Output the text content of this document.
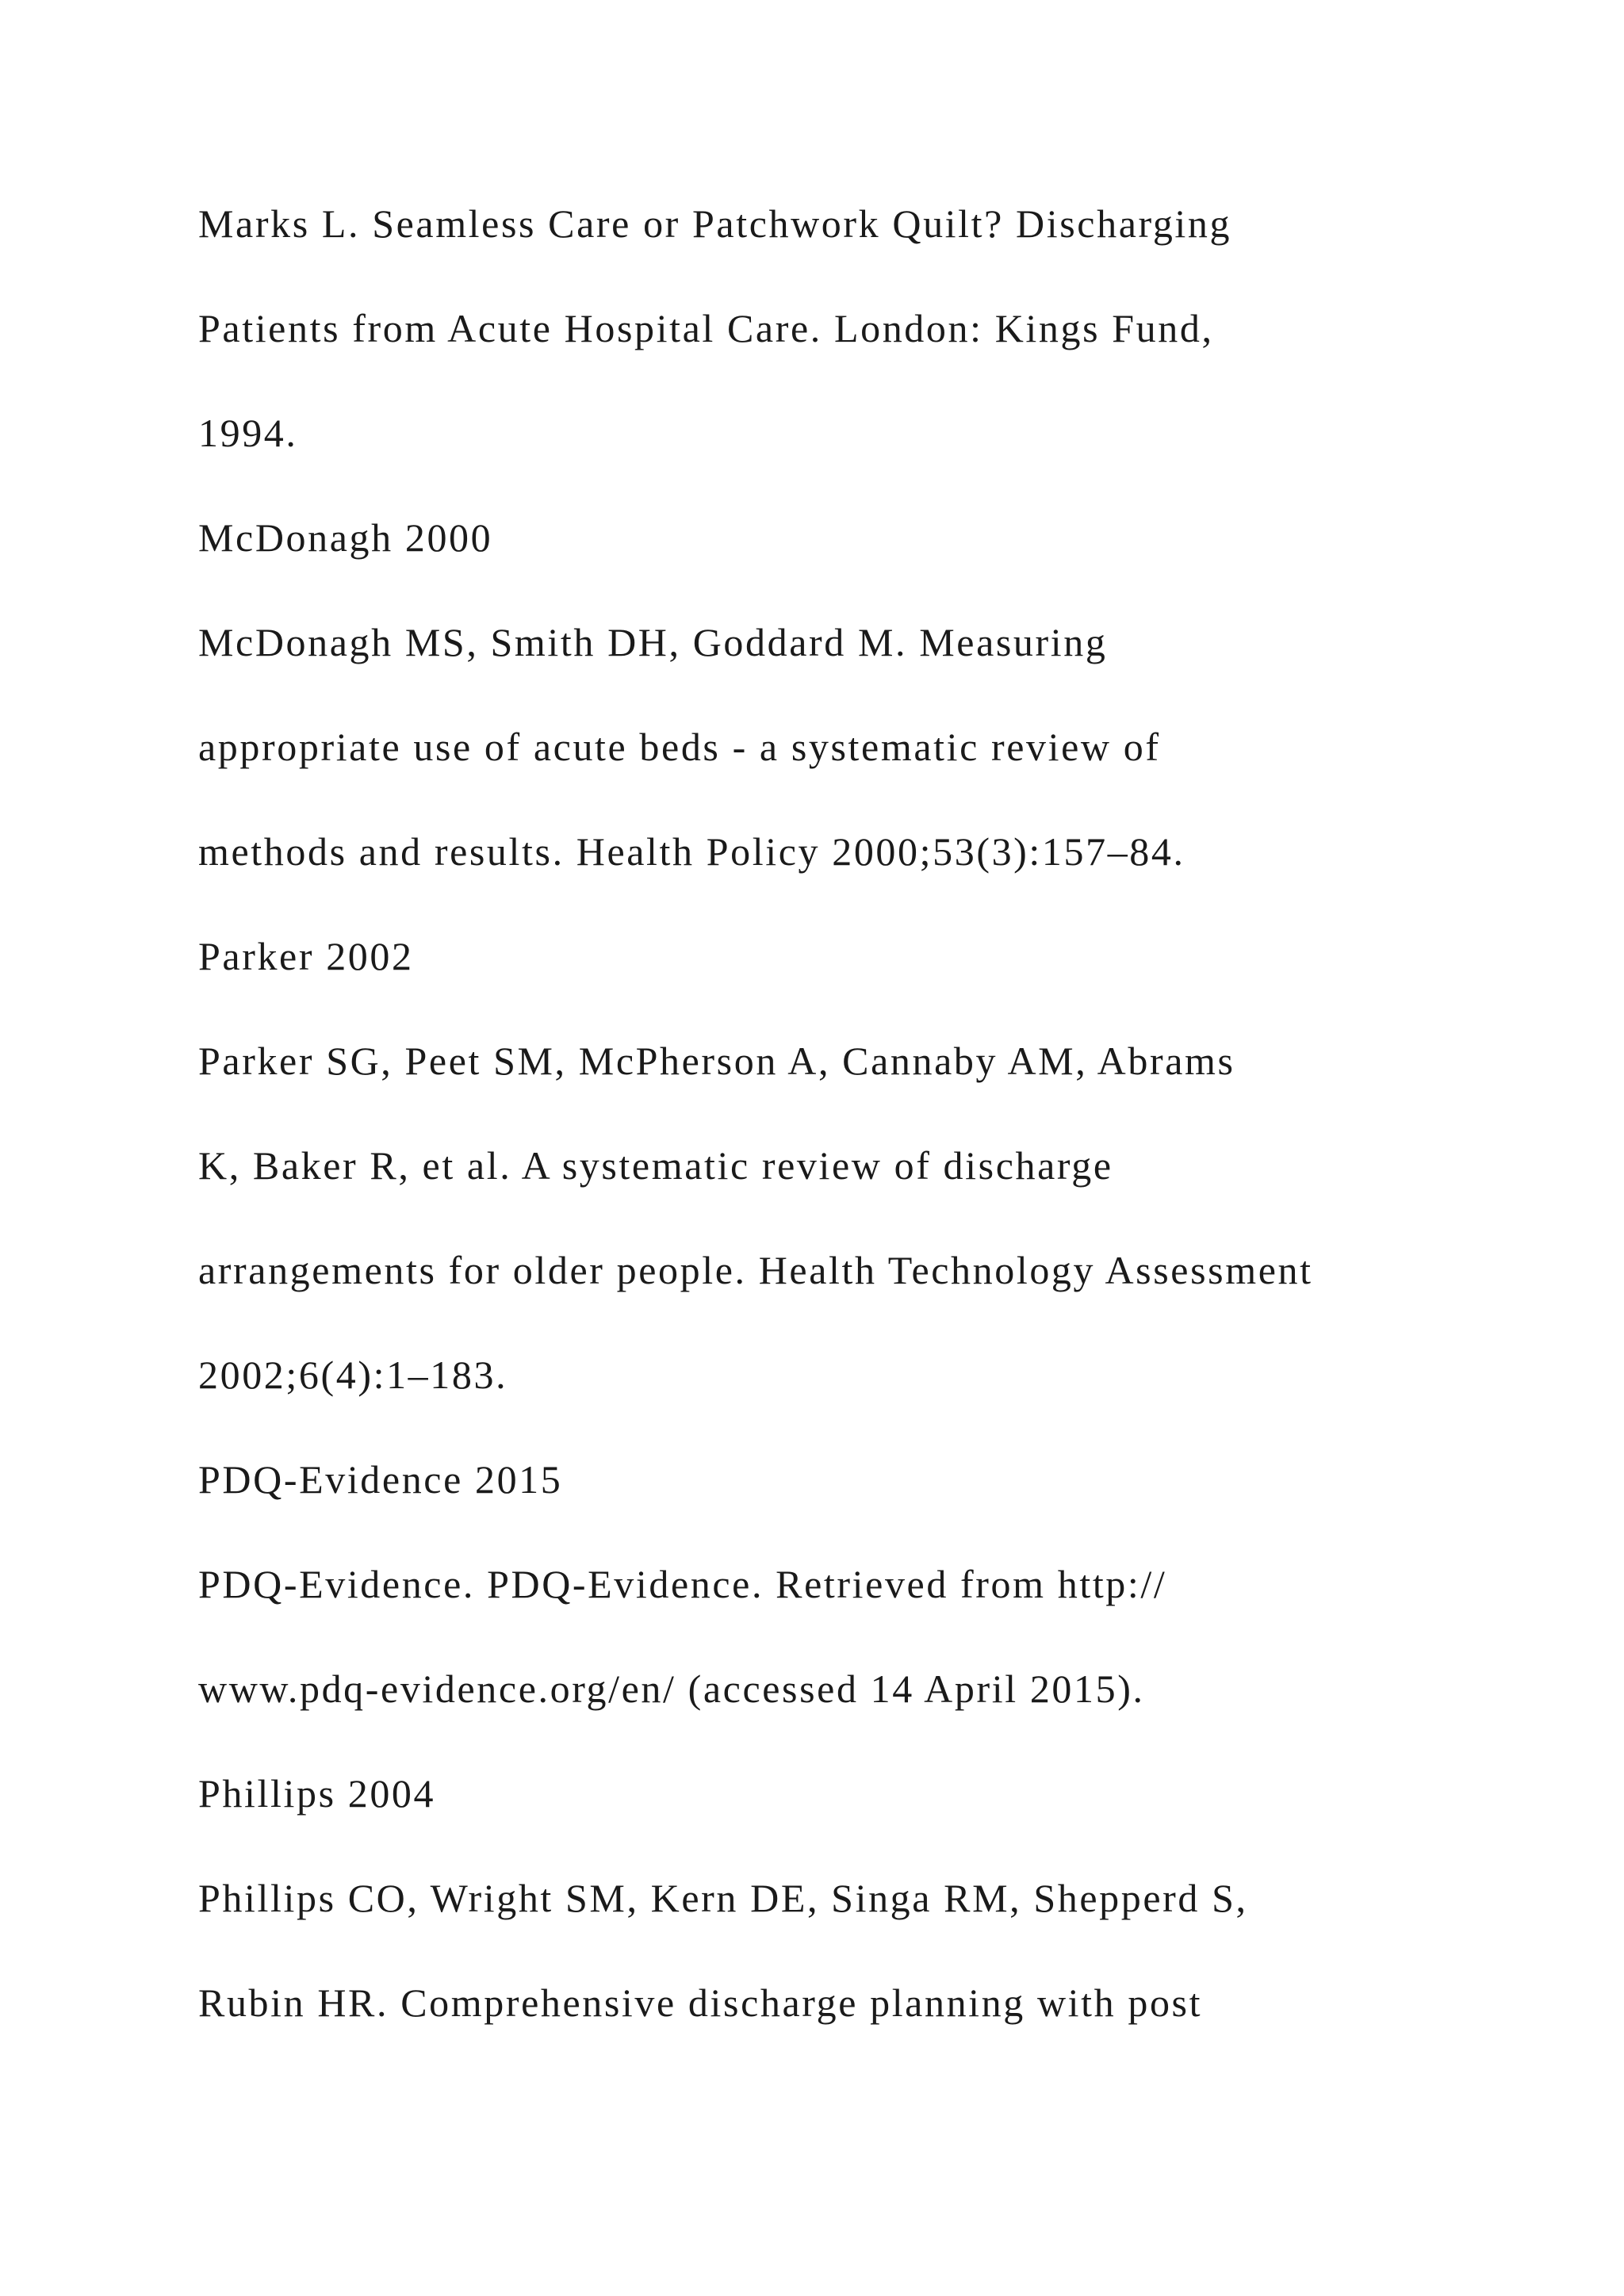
Marks L. Seamless Care or Patchwork Quilt? Discharging
Patients from Acute Hospital Care. London: Kings Fund,
1994.
McDonagh 2000
McDonagh MS, Smith DH, Goddard M. Measuring
appropriate use of acute beds - a systematic review of
methods and results. Health Policy 2000;53(3):157–84.
Parker 2002
Parker SG, Peet SM, McPherson A, Cannaby AM, Abrams
K, Baker R, et al. A systematic review of discharge
arrangements for older people. Health Technology Assessment
2002;6(4):1–183.
PDQ-Evidence 2015
PDQ-Evidence. PDQ-Evidence. Retrieved from http://
www.pdq-evidence.org/en/ (accessed 14 April 2015).
Phillips 2004
Phillips CO, Wright SM, Kern DE, Singa RM, Shepperd S,
Rubin HR. Comprehensive discharge planning with post
